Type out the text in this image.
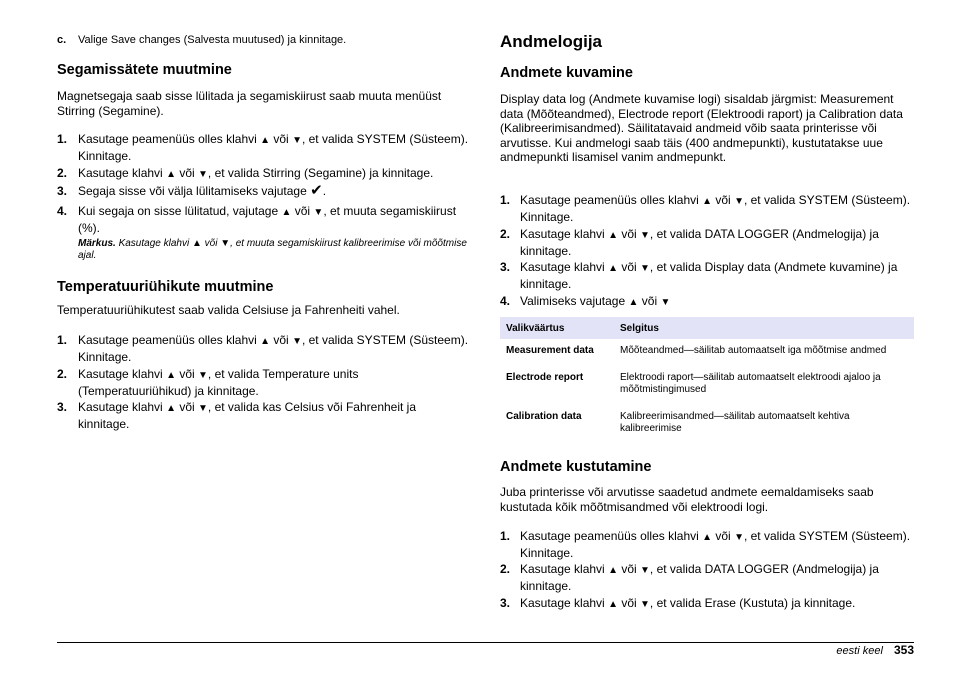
c. Valige Save changes (Salvesta muutused) ja kinnitage.
Segamissätete muutmine
Magnetsegaja saab sisse lülitada ja segamiskiirust saab muuta menüüst Stirring (Segamine).
1. Kasutage peamenüüs olles klahvi ▲ või ▼, et valida SYSTEM (Süsteem). Kinnitage.
2. Kasutage klahvi ▲ või ▼, et valida Stirring (Segamine) ja kinnitage.
3. Segaja sisse või välja lülitamiseks vajutage ✔.
4. Kui segaja on sisse lülitatud, vajutage ▲ või ▼, et muuta segamiskiirust (%).
Märkus. Kasutage klahvi ▲ või ▼, et muuta segamiskiirust kalibreerimise või mõõtmise ajal.
Temperatuuriühikute muutmine
Temperatuuriühikutest saab valida Celsiuse ja Fahrenheiti vahel.
1. Kasutage peamenüüs olles klahvi ▲ või ▼, et valida SYSTEM (Süsteem). Kinnitage.
2. Kasutage klahvi ▲ või ▼, et valida Temperature units (Temperatuuriühikud) ja kinnitage.
3. Kasutage klahvi ▲ või ▼, et valida kas Celsius või Fahrenheit ja kinnitage.
Andmelogija
Andmete kuvamine
Display data log (Andmete kuvamise logi) sisaldab järgmist: Measurement data (Mõõteandmed), Electrode report (Elektroodi raport) ja Calibration data (Kalibreerimisandmed). Säilitatavaid andmeid võib saata printerisse või arvutisse. Kui andmelogi saab täis (400 andmepunkti), kustutatakse uue andmepunkti lisamisel vanim andmepunkt.
1. Kasutage peamenüüs olles klahvi ▲ või ▼, et valida SYSTEM (Süsteem). Kinnitage.
2. Kasutage klahvi ▲ või ▼, et valida DATA LOGGER (Andmelogija) ja kinnitage.
3. Kasutage klahvi ▲ või ▼, et valida Display data (Andmete kuvamine) ja kinnitage.
4. Valimiseks vajutage ▲ või ▼
Valikväärtus	Selgitus
Measurement data	Mõõteandmed—säilitab automaatselt iga mõõtmise andmed
Electrode report	Elektroodi raport—säilitab automaatselt elektroodi ajaloo ja mõõtmistingimused
Calibration data	Kalibreerimisandmed—säilitab automaatselt kehtiva kalibreerimise
Andmete kustutamine
Juba printerisse või arvutisse saadetud andmete eemaldamiseks saab kustutada kõik mõõtmisandmed või elektroodi logi.
1. Kasutage peamenüüs olles klahvi ▲ või ▼, et valida SYSTEM (Süsteem). Kinnitage.
2. Kasutage klahvi ▲ või ▼, et valida DATA LOGGER (Andmelogija) ja kinnitage.
3. Kasutage klahvi ▲ või ▼, et valida Erase (Kustuta) ja kinnitage.
eesti keel 353
